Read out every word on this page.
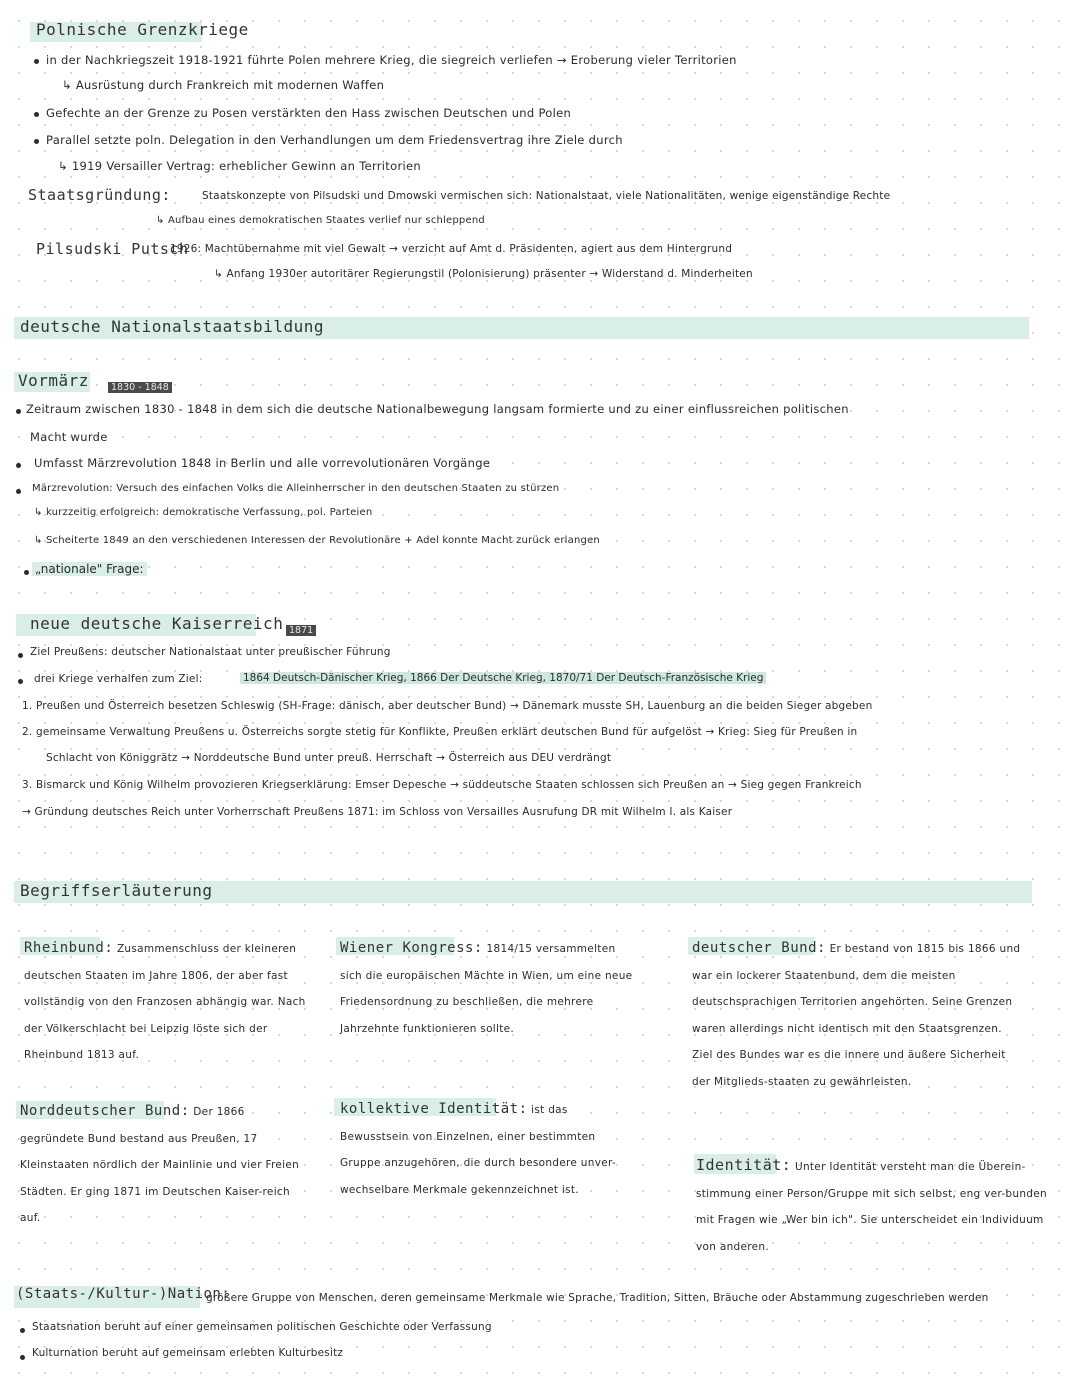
Polnische Grenzkriege
in der Nachkriegszeit 1918-1921 führte Polen mehrere Krieg, die siegreich verliefen → Eroberung vieler Territorien
↳ Ausrüstung durch Frankreich mit modernen Waffen
Gefechte an der Grenze zu Posen verstärkten den Hass zwischen Deutschen und Polen
Parallel setzte poln. Delegation in den Verhandlungen um dem Friedensvertrag ihre Ziele durch
↳ 1919 Versailler Vertrag: erheblicher Gewinn an Territorien
Staatsgründung:	Staatskonzepte von Pilsudski und Dmowski vermischen sich: Nationalstaat, viele Nationalitäten, wenige eigenständige Rechte
↳ Aufbau eines demokratischen Staates verlief nur schleppend
Pilsudski Putsch
1926: Machtübernahme mit viel Gewalt → verzicht auf Amt d. Präsidenten, agiert aus dem Hintergrund
↳ Anfang 1930er autoritärer Regierungstil (Polonisierung) präsenter → Widerstand d. Minderheiten
deutsche Nationalstaatsbildung
Vormärz	1830 - 1848
Zeitraum zwischen 1830 - 1848 in dem sich die deutsche Nationalbewegung langsam formierte und zu einer einflussreichen politischen
Macht wurde
Umfasst Märzrevolution 1848 in Berlin und alle vorrevolutionären Vorgänge
Märzrevolution: Versuch des einfachen Volks die Alleinherrscher in den deutschen Staaten zu stürzen
↳ kurzzeitig erfolgreich: demokratische Verfassung, pol. Parteien
↳ Scheiterte 1849 an den verschiedenen Interessen der Revolutionäre + Adel konnte Macht zurück erlangen
„nationale" Frage:
neue deutsche Kaiserreich 1871
Ziel Preußens: deutscher Nationalstaat unter preußischer Führung
drei Kriege verhalfen zum Ziel:	1864 Deutsch-Dänischer Krieg, 1866 Der Deutsche Krieg, 1870/71 Der Deutsch-Französische Krieg
1. Preußen und Österreich besetzen Schleswig (SH-Frage: dänisch, aber deutscher Bund) → Dänemark musste SH, Lauenburg an die beiden Sieger abgeben
2. gemeinsame Verwaltung Preußens u. Österreichs sorgte stetig für Konflikte, Preußen erklärt deutschen Bund für aufgelöst → Krieg: Sieg für Preußen in
Schlacht von Königgrätz → Norddeutsche Bund unter preuß. Herrschaft → Österreich aus DEU verdrängt
3. Bismarck und König Wilhelm provozieren Kriegserklärung: Emser Depesche → süddeutsche Staaten schlossen sich Preußen an → Sieg gegen Frankreich
→ Gründung deutsches Reich unter Vorherrschaft Preußens 1871: im Schloss von Versailles Ausrufung DR mit Wilhelm I. als Kaiser
Begriffserläuterung
Rheinbund: Zusammenschluss der kleineren deutschen Staaten im Jahre 1806, der aber fast vollständig von den Franzosen abhängig war. Nach der Völkerschlacht bei Leipzig löste sich der Rheinbund 1813 auf.
Norddeutscher Bund: Der 1866 gegründete Bund bestand aus Preußen, 17 Kleinstaaten nördlich der Mainlinie und vier Freien Städten. Er ging 1871 im Deutschen Kaiser-reich auf.
Wiener Kongress: 1814/15 versammelten sich die europäischen Mächte in Wien, um eine neue Friedensordnung zu beschließen, die mehrere Jahrzehnte funktionieren sollte.
kollektive Identität: ist das Bewusstsein von Einzelnen, einer bestimmten Gruppe anzugehören, die durch besondere unver-wechselbare Merkmale gekennzeichnet ist.
deutscher Bund: Er bestand von 1815 bis 1866 und war ein lockerer Staatenbund, dem die meisten deutschsprachigen Territorien angehörten. Seine Grenzen waren allerdings nicht identisch mit den Staatsgrenzen. Ziel des Bundes war es die innere und äußere Sicherheit der Mitglieds-staaten zu gewährleisten.
Identität: Unter Identität versteht man die Überein-stimmung einer Person/Gruppe mit sich selbst, eng ver-bunden mit Fragen wie „Wer bin ich". Sie unterscheidet ein Individuum von anderen.
(Staats-/Kultur-)Nation:
größere Gruppe von Menschen, deren gemeinsame Merkmale wie Sprache, Tradition, Sitten, Bräuche oder Abstammung zugeschrieben werden
Staatsnation beruht auf einer gemeinsamen politischen Geschichte oder Verfassung
Kulturnation beruht auf gemeinsam erlebten Kulturbesitz
